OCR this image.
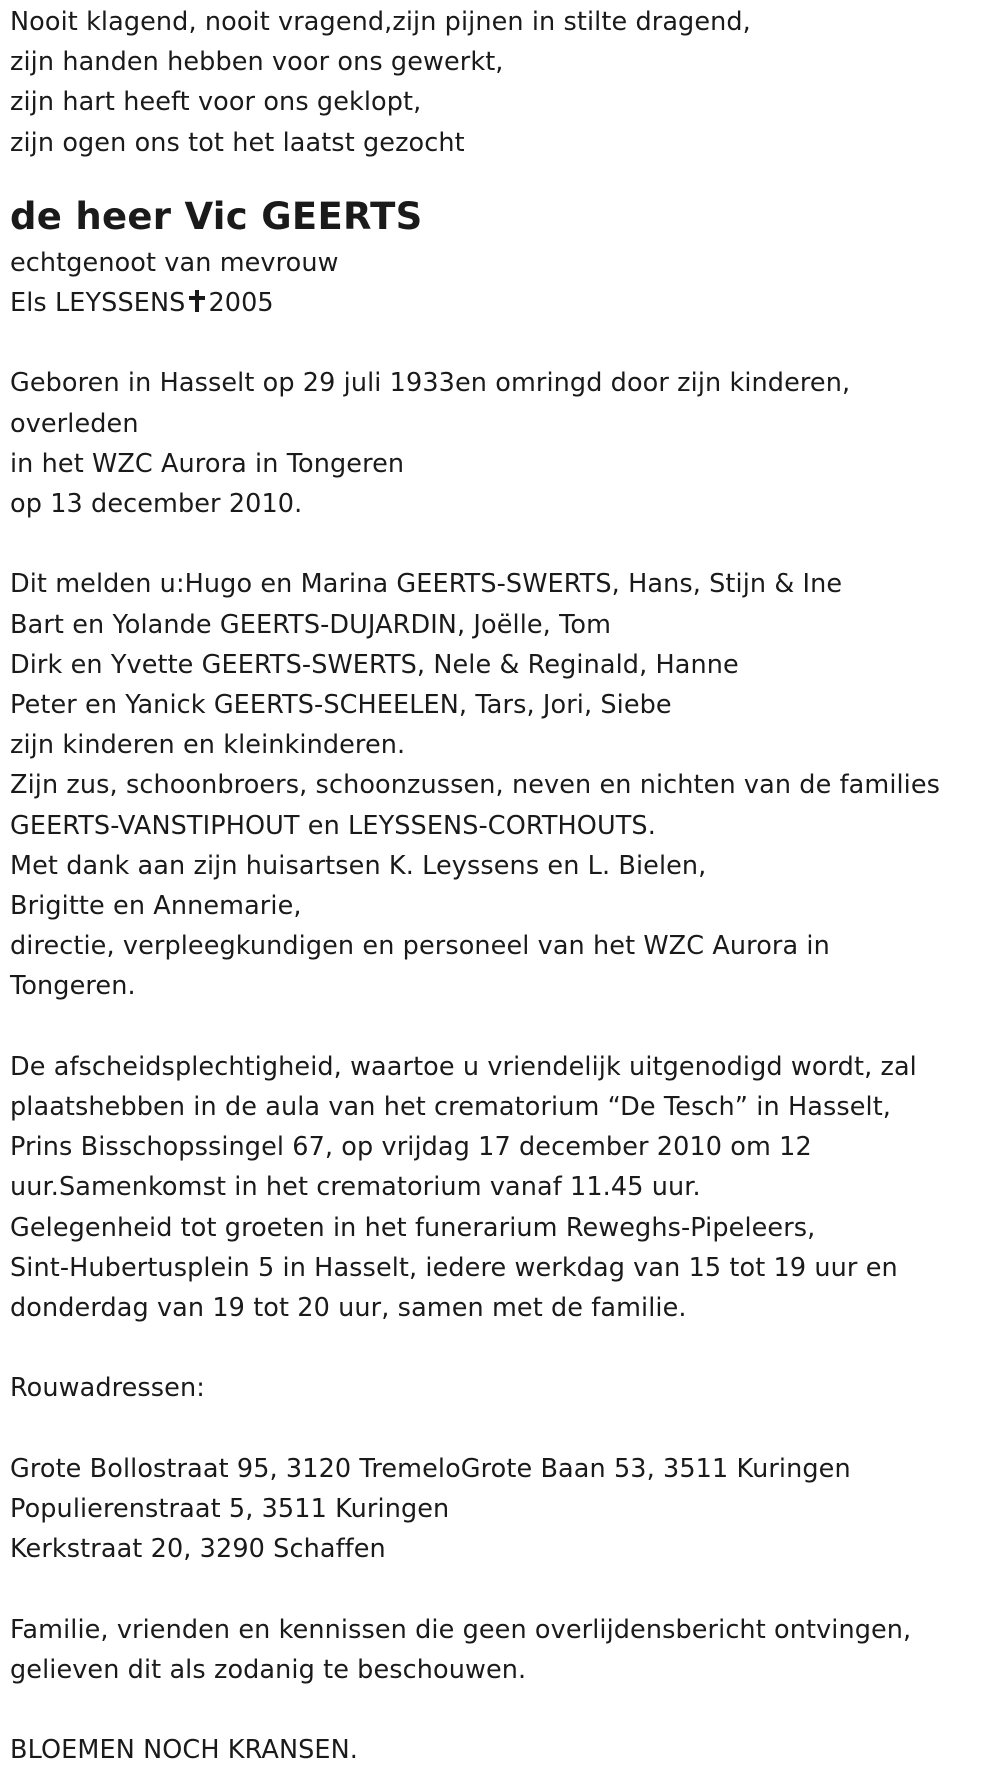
Nooit klagend, nooit vragend,zijn pijnen in stilte dragend,
zijn handen hebben voor ons gewerkt,
zijn hart heeft voor ons geklopt,
zijn ogen ons tot het laatst gezocht
de heer Vic GEERTS
echtgenoot van mevrouw
Els LEYSSENS 2005
Geboren in Hasselt op 29 juli 1933en omringd door zijn kinderen,
overleden
in het WZC Aurora in Tongeren
op 13 december 2010.
Dit melden u:Hugo en Marina GEERTS-SWERTS, Hans, Stijn & Ine
Bart en Yolande GEERTS-DUJARDIN, Joëlle, Tom
Dirk en Yvette GEERTS-SWERTS, Nele & Reginald, Hanne
Peter en Yanick GEERTS-SCHEELEN, Tars, Jori, Siebe
zijn kinderen en kleinkinderen.
Zijn zus, schoonbroers, schoonzussen, neven en nichten van de families
GEERTS-VANSTIPHOUT en LEYSSENS-CORTHOUTS.
Met dank aan zijn huisartsen K. Leyssens en L. Bielen,
Brigitte en Annemarie,
directie, verpleegkundigen en personeel van het WZC Aurora in
Tongeren.
De afscheidsplechtigheid, waartoe u vriendelijk uitgenodigd wordt, zal
plaatshebben in de aula van het crematorium “De Tesch” in Hasselt,
Prins Bisschopssingel 67, op vrijdag 17 december 2010 om 12
uur.Samenkomst in het crematorium vanaf 11.45 uur.
Gelegenheid tot groeten in het funerarium Reweghs-Pipeleers,
Sint-Hubertusplein 5 in Hasselt, iedere werkdag van 15 tot 19 uur en
donderdag van 19 tot 20 uur, samen met de familie.
Rouwadressen:
Grote Bollostraat 95, 3120 TremeloGrote Baan 53, 3511 Kuringen
Populierenstraat 5, 3511 Kuringen
Kerkstraat 20, 3290 Schaffen
Familie, vrienden en kennissen die geen overlijdensbericht ontvingen,
gelieven dit als zodanig te beschouwen.
BLOEMEN NOCH KRANSEN.
